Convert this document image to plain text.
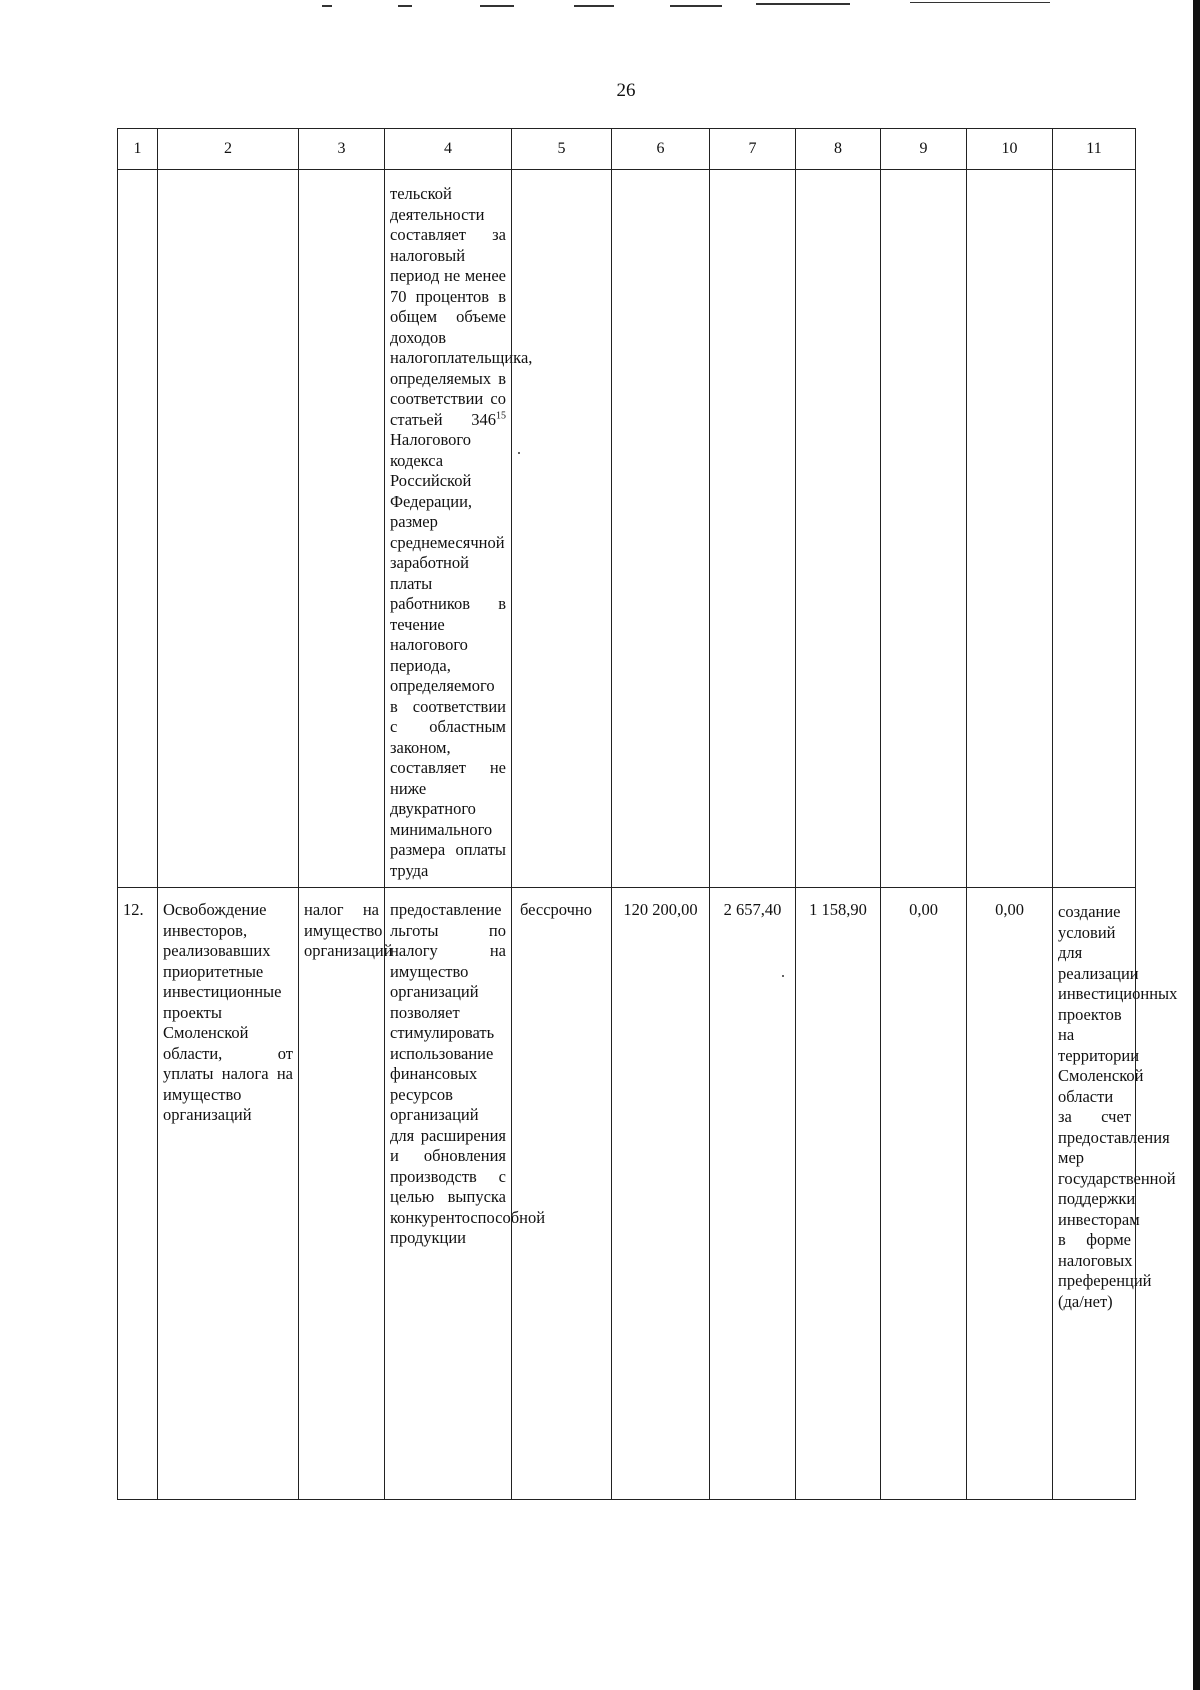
26
1	2	3	4	5	6	7	8	9	10	11

			тельской деятельности составляет за налоговый период не менее 70 процентов в общем объеме доходов налогоплательщика, определяемых в соответствии со статьей $346^{15}$ Налогового кодекса Российской Федерации, размер среднемесячной заработной платы работников в течение налогового периода, определяемого в соответствии с областным законом, составляет не ниже двукратного минимального размера оплаты труда							

12.	Освобождение инвесторов, реализовавших приоритетные инвестиционные проекты Смоленской области, от уплаты налога на имущество организаций	налог на имущество организаций	предоставление льготы по налогу на имущество организаций позволяет стимулировать использование финансовых ресурсов организаций для расширения и обновления производств с целью выпуска конкурентоспособной продукции	бессрочно	120 200,00	2 657,40	1 158,90	0,00	0,00	создание условий для реализации инвестиционных проектов на территории Смоленской области за счет предоставления мер государственной поддержки инвесторам в форме налоговых преференций (да/нет)
